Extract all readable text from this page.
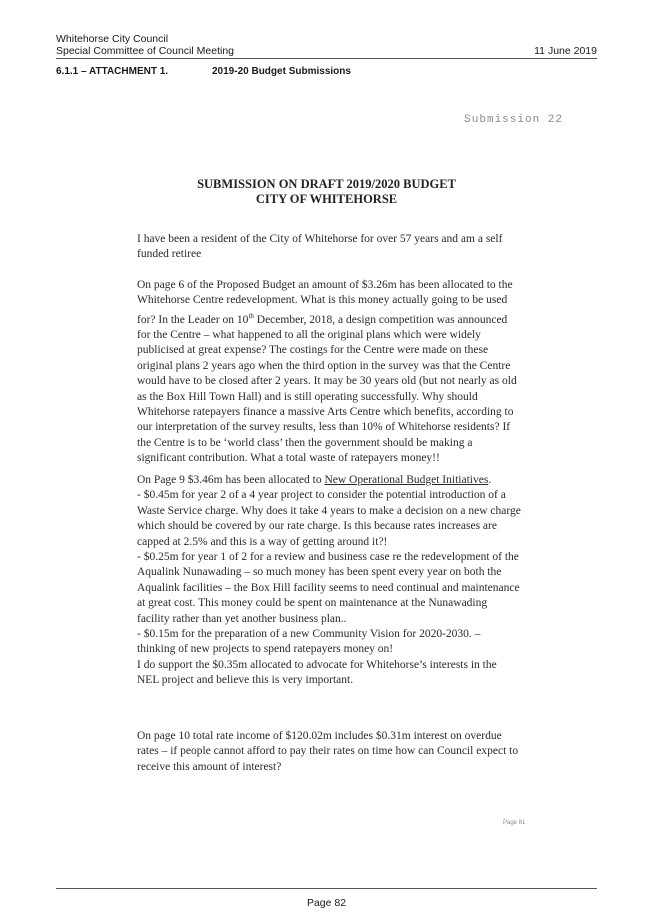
Whitehorse City Council
Special Committee of Council Meeting	11 June 2019
6.1.1 – ATTACHMENT 1.	2019-20 Budget Submissions
Submission 22
SUBMISSION ON DRAFT 2019/2020 BUDGET
CITY OF WHITEHORSE

I have been a resident of the City of Whitehorse for over 57 years and am a self funded retiree

On page 6 of the Proposed Budget an amount of $3.26m has been allocated to the Whitehorse Centre redevelopment. What is this money actually going to be used for? In the Leader on 10th December, 2018, a design competition was announced for the Centre – what happened to all the original plans which were widely publicised at great expense? The costings for the Centre were made on these original plans 2 years ago when the third option in the survey was that the Centre would have to be closed after 2 years. It may be 30 years old (but not nearly as old as the Box Hill Town Hall) and is still operating successfully. Why should Whitehorse ratepayers finance a massive Arts Centre which benefits, according to our interpretation of the survey results, less than 10% of Whitehorse residents? If the Centre is to be ‘world class’ then the government should be making a significant contribution. What a total waste of ratepayers money!!

On Page 9 $3.46m has been allocated to New Operational Budget Initiatives.

- $0.45m for year 2 of a 4 year project to consider the potential introduction of a Waste Service charge. Why does it take 4 years to make a decision on a new charge which should be covered by our rate charge. Is this because rates increases are capped at 2.5% and this is a way of getting around it?!

- $0.25m for year 1 of 2 for a review and business case re the redevelopment of the Aqualink Nunawading – so much money has been spent every year on both the Aqualink facilities – the Box Hill facility seems to need continual and maintenance at great cost. This money could be spent on maintenance at the Nunawading facility rather than yet another business plan..

- $0.15m for the preparation of a new Community Vision for 2020-2030. – thinking of new projects to spend ratepayers money on!

I do support the $0.35m allocated to advocate for Whitehorse’s interests in the NEL project and believe this is very important.

On page 10 total rate income of $120.02m includes $0.31m interest on overdue rates – if people cannot afford to pay their rates on time how can Council expect to receive this amount of interest?

Page 81
Page 82
